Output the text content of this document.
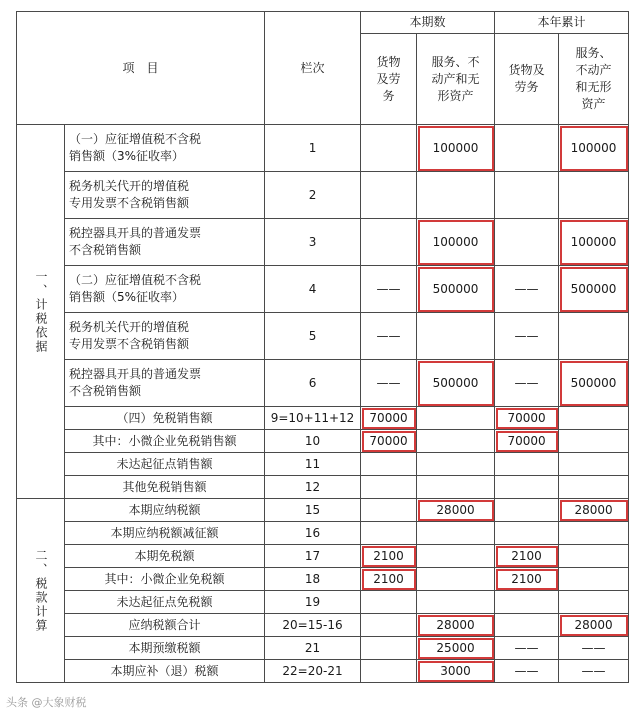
项　目		栏次	本期数		本年累计	
			货物
及劳
务	服务、不
动产和无
形资产	货物及
劳务	服务、
不动产
和无形
资产
一、计税依据	（一）应征增值税不含税
销售额（3%征收率）	1		100000		100000
	税务机关代开的增值税
专用发票不含税销售额	2				
	税控器具开具的普通发票
不含税销售额	3		100000		100000
	（二）应征增值税不含税
销售额（5%征收率）	4	——	500000	——	500000
	税务机关代开的增值税
专用发票不含税销售额	5	——		——	
	税控器具开具的普通发票
不含税销售额	6	——	500000	——	500000
	（四）免税销售额	9=10+11+12	70000		70000	
	其中：小微企业免税销售额	10	70000		70000	
	未达起征点销售额	11				
	其他免税销售额	12				
二、税款计算	本期应纳税额	15		28000		28000
	本期应纳税额减征额	16				
	本期免税额	17	2100		2100	
	其中：小微企业免税额	18	2100		2100	
	未达起征点免税额	19				
	应纳税额合计	20=15-16		28000		28000
	本期预缴税额	21		25000	——	——
	本期应补（退）税额	22=20-21		3000	——	——
头条 @大象财税
